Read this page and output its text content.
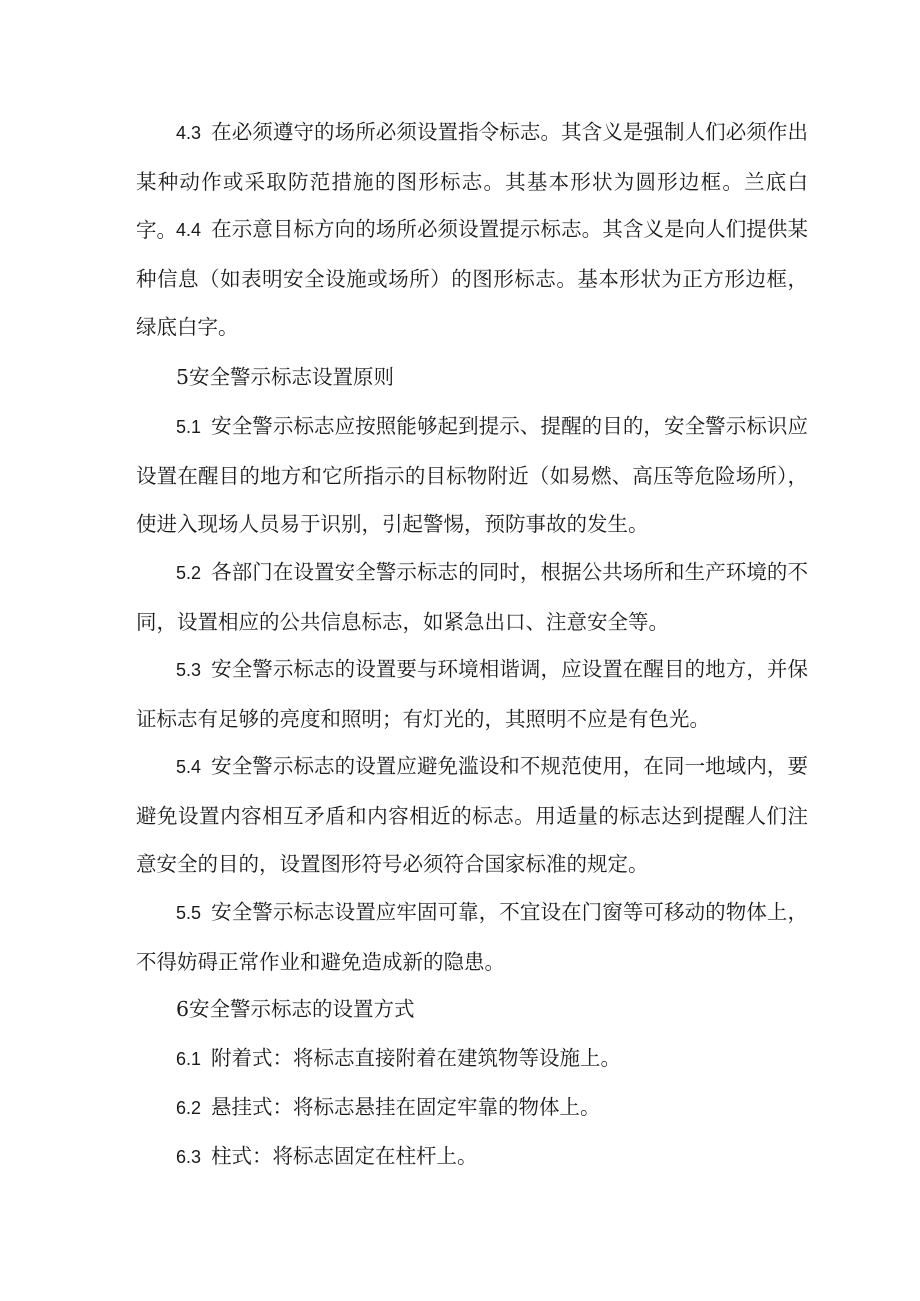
4.3 在必须遵守的场所必须设置指令标志。其含义是强制人们必须作出某种动作或采取防范措施的图形标志。其基本形状为圆形边框。兰底白字。 4.4 在示意目标方向的场所必须设置提示标志。其含义是向人们提供某种信息（如表明安全设施或场所）的图形标志。基本形状为正方形边框，绿底白字。

5安全警示标志设置原则

5.1 安全警示标志应按照能够起到提示、提醒的目的，安全警示标识应设置在醒目的地方和它所指示的目标物附近（如易燃、高压等危险场所），使进入现场人员易于识别，引起警惕，预防事故的发生。

5.2 各部门在设置安全警示标志的同时，根据公共场所和生产环境的不同，设置相应的公共信息标志，如紧急出口、注意安全等。

5.3 安全警示标志的设置要与环境相谐调，应设置在醒目的地方，并保证标志有足够的亮度和照明；有灯光的，其照明不应是有色光。

5.4 安全警示标志的设置应避免滥设和不规范使用，在同一地域内，要避免设置内容相互矛盾和内容相近的标志。用适量的标志达到提醒人们注意安全的目的，设置图形符号必须符合国家标准的规定。

5.5 安全警示标志设置应牢固可靠，不宜设在门窗等可移动的物体上，不得妨碍正常作业和避免造成新的隐患。

6安全警示标志的设置方式

6.1 附着式：将标志直接附着在建筑物等设施上。

6.2 悬挂式：将标志悬挂在固定牢靠的物体上。

6.3 柱式：将标志固定在柱杆上。
